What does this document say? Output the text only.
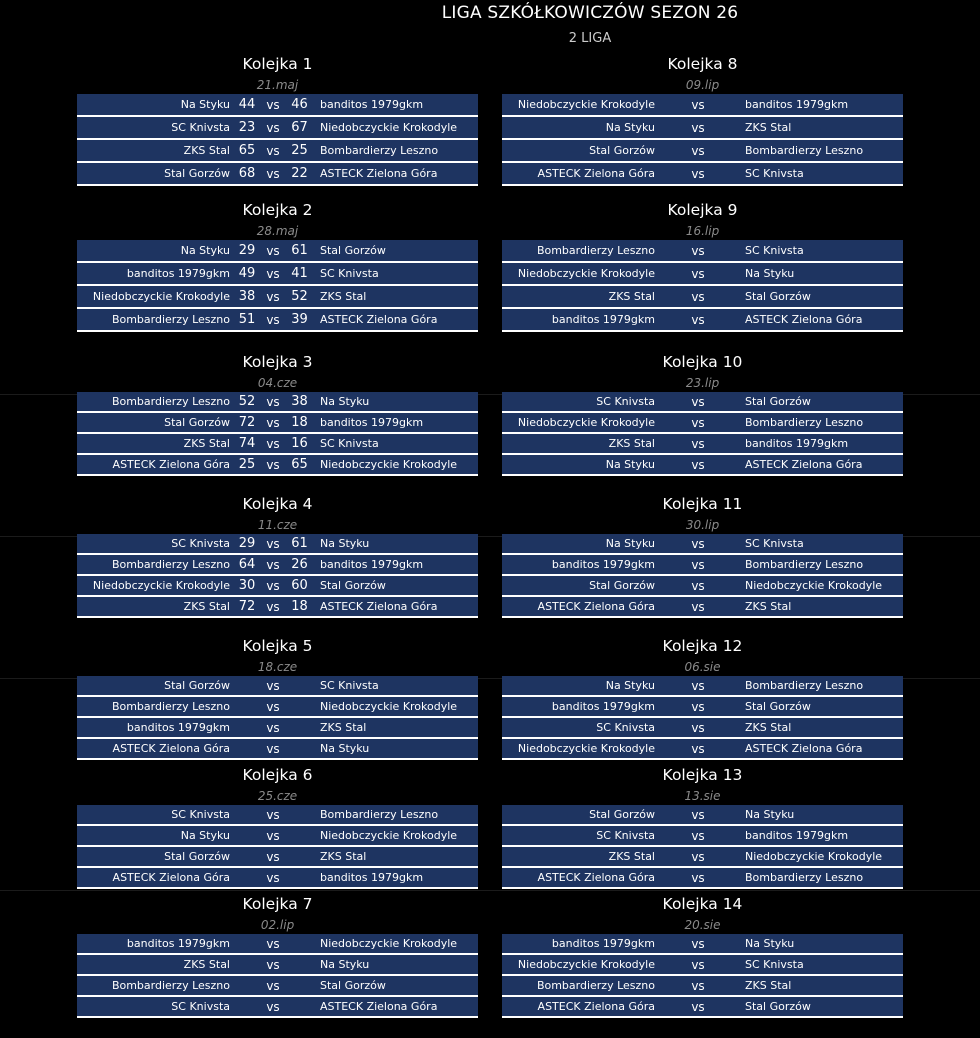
LIGA SZKÓŁKOWICZÓW SEZON 26
2 LIGA
Kolejka 1
21.maj
Na Styku 44 vs 46	banditos 1979gkm
SC Knivsta 23 vs 67	Niedobczyckie Krokodyle
ZKS Stal 65 vs 25	Bombardierzy Leszno
Stal Gorzów 68 vs 22	ASTECK Zielona Góra
Kolejka 2
28.maj
Na Styku 29 vs 61	Stal Gorzów
banditos 1979gkm 49 vs 41	SC Knivsta
Niedobczyckie Krokodyle 38 vs 52	ZKS Stal
Bombardierzy Leszno 51 vs 39	ASTECK Zielona Góra
Kolejka 3
04.cze
Bombardierzy Leszno 52 vs 38	Na Styku
Stal Gorzów 72 vs 18	banditos 1979gkm
ZKS Stal 74 vs 16	SC Knivsta
ASTECK Zielona Góra 25 vs 65	Niedobczyckie Krokodyle
Kolejka 4
11.cze
SC Knivsta 29 vs 61	Na Styku
Bombardierzy Leszno 64 vs 26	banditos 1979gkm
Niedobczyckie Krokodyle 30 vs 60	Stal Gorzów
ZKS Stal 72 vs 18	ASTECK Zielona Góra
Kolejka 5
18.cze
Stal Gorzów	vs	SC Knivsta
Bombardierzy Leszno	vs	Niedobczyckie Krokodyle
banditos 1979gkm	vs	ZKS Stal
ASTECK Zielona Góra	vs	Na Styku
Kolejka 6
25.cze
SC Knivsta	vs	Bombardierzy Leszno
Na Styku	vs	Niedobczyckie Krokodyle
Stal Gorzów	vs	ZKS Stal
ASTECK Zielona Góra	vs	banditos 1979gkm
Kolejka 7
02.lip
banditos 1979gkm	vs	Niedobczyckie Krokodyle
ZKS Stal	vs	Na Styku
Bombardierzy Leszno	vs	Stal Gorzów
SC Knivsta	vs	ASTECK Zielona Góra
Kolejka 8
09.lip
Niedobczyckie Krokodyle	vs	banditos 1979gkm
Na Styku	vs	ZKS Stal
Stal Gorzów	vs	Bombardierzy Leszno
ASTECK Zielona Góra	vs	SC Knivsta
Kolejka 9
16.lip
Bombardierzy Leszno	vs	SC Knivsta
Niedobczyckie Krokodyle	vs	Na Styku
ZKS Stal	vs	Stal Gorzów
banditos 1979gkm	vs	ASTECK Zielona Góra
Kolejka 10
23.lip
SC Knivsta	vs	Stal Gorzów
Niedobczyckie Krokodyle	vs	Bombardierzy Leszno
ZKS Stal	vs	banditos 1979gkm
Na Styku	vs	ASTECK Zielona Góra
Kolejka 11
30.lip
Na Styku	vs	SC Knivsta
banditos 1979gkm	vs	Bombardierzy Leszno
Stal Gorzów	vs	Niedobczyckie Krokodyle
ASTECK Zielona Góra	vs	ZKS Stal
Kolejka 12
06.sie
Na Styku	vs	Bombardierzy Leszno
banditos 1979gkm	vs	Stal Gorzów
SC Knivsta	vs	ZKS Stal
Niedobczyckie Krokodyle	vs	ASTECK Zielona Góra
Kolejka 13
13.sie
Stal Gorzów	vs	Na Styku
SC Knivsta	vs	banditos 1979gkm
ZKS Stal	vs	Niedobczyckie Krokodyle
ASTECK Zielona Góra	vs	Bombardierzy Leszno
Kolejka 14
20.sie
banditos 1979gkm	vs	Na Styku
Niedobczyckie Krokodyle	vs	SC Knivsta
Bombardierzy Leszno	vs	ZKS Stal
ASTECK Zielona Góra	vs	Stal Gorzów
